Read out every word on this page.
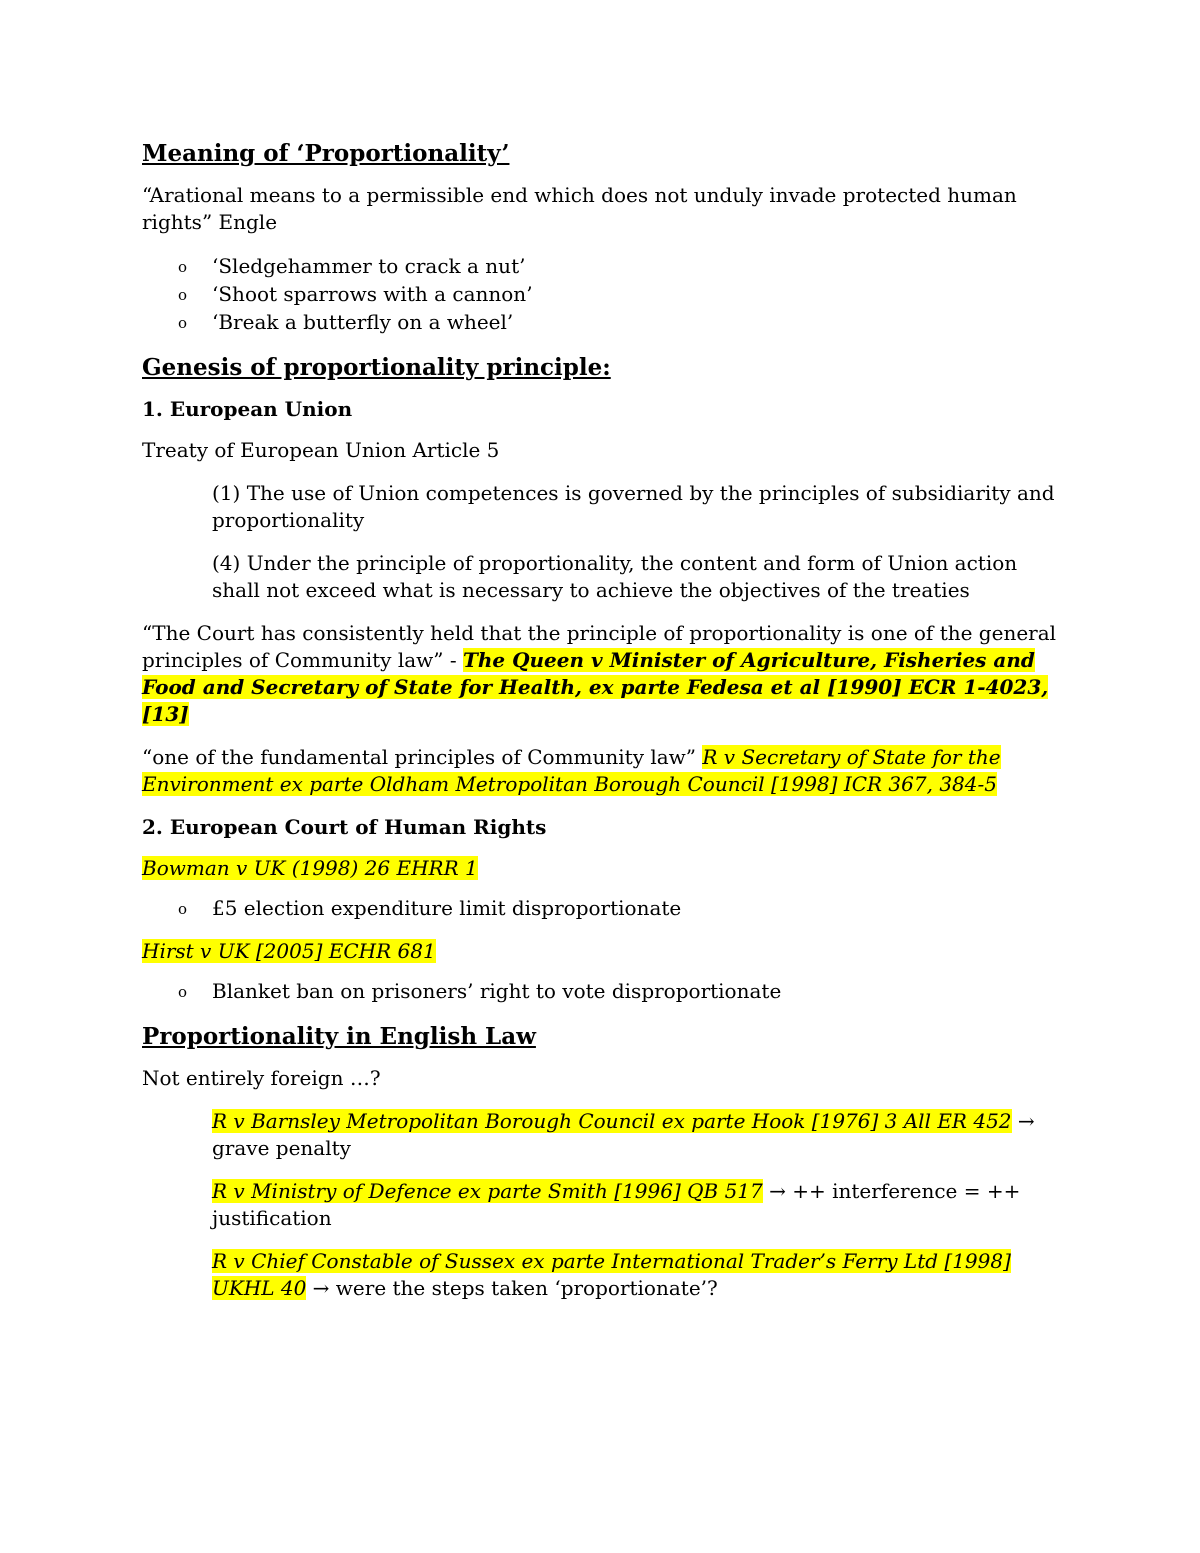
Meaning of ‘Proportionality’

“Arational means to a permissible end which does not unduly invade protected human rights” Engle

o ‘Sledgehammer to crack a nut’
o ‘Shoot sparrows with a cannon’
o ‘Break a butterfly on a wheel’
Genesis of proportionality principle:
1. European Union

Treaty of European Union Article 5

(1) The use of Union competences is governed by the principles of subsidiarity and proportionality

(4) Under the principle of proportionality, the content and form of Union action shall not exceed what is necessary to achieve the objectives of the treaties

“The Court has consistently held that the principle of proportionality is one of the general principles of Community law” - The Queen v Minister of Agriculture, Fisheries and Food and Secretary of State for Health, ex parte Fedesa et al [1990] ECR 1-4023, [13]

“one of the fundamental principles of Community law” R v Secretary of State for the Environment ex parte Oldham Metropolitan Borough Council [1998] ICR 367, 384-5

2. European Court of Human Rights

Bowman v UK (1998) 26 EHRR 1

o £5 election expenditure limit disproportionate

Hirst v UK [2005] ECHR 681

o Blanket ban on prisoners’ right to vote disproportionate
Proportionality in English Law

Not entirely foreign …?

R v Barnsley Metropolitan Borough Council ex parte Hook [1976] 3 All ER 452 → grave penalty

R v Ministry of Defence ex parte Smith [1996] QB 517 → ++ interference = ++ justification

R v Chief Constable of Sussex ex parte International Trader’s Ferry Ltd [1998] UKHL 40 → were the steps taken ‘proportionate’?
